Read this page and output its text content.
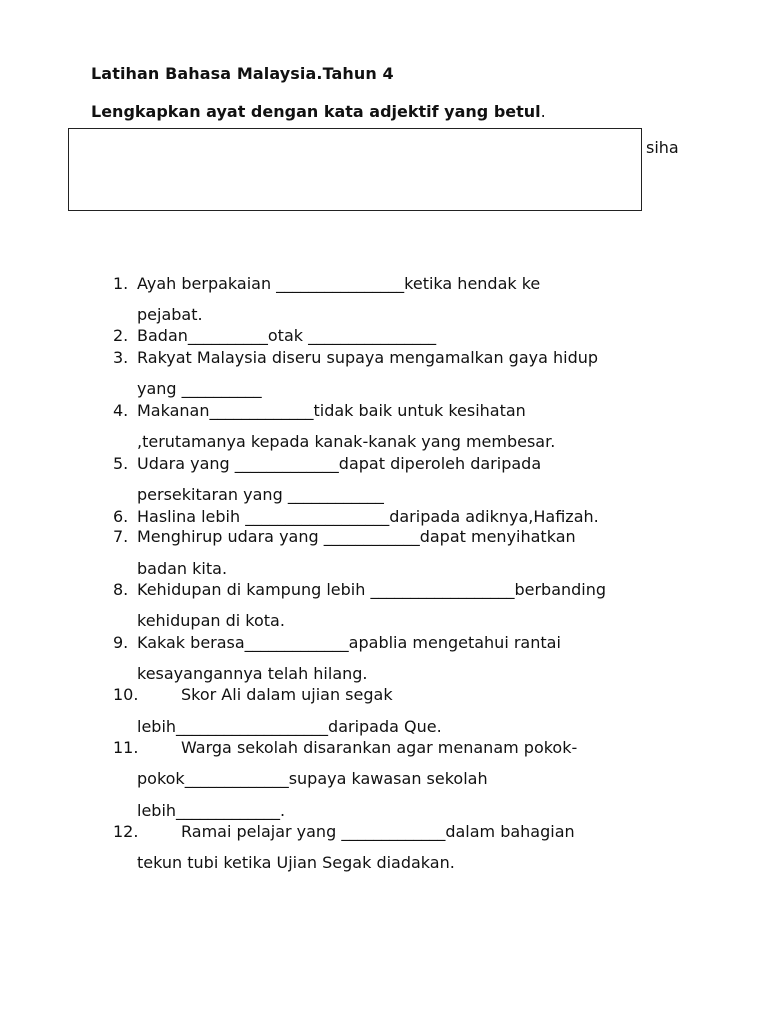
Latihan Bahasa Malaysia.Tahun 4
Lengkapkan ayat dengan kata adjektif yang betul.
siha
1. Ayah berpakaian ________________ketika hendak ke
pejabat.
2. Badan__________otak ________________
3. Rakyat Malaysia diseru supaya mengamalkan gaya hidup
yang __________
4. Makanan_____________tidak baik untuk kesihatan
,terutamanya kepada kanak-kanak yang membesar.
5. Udara yang _____________dapat diperoleh daripada
persekitaran yang ____________
6. Haslina lebih __________________daripada adiknya,Hafizah.
7. Menghirup udara yang ____________dapat menyihatkan
badan kita.
8. Kehidupan di kampung lebih __________________berbanding
kehidupan di kota.
9. Kakak berasa_____________apablia mengetahui rantai
kesayangannya telah hilang.
10.	Skor Ali dalam ujian segak
lebih___________________daripada Que.
11.	Warga sekolah disarankan agar menanam pokok-
pokok_____________supaya kawasan sekolah
lebih_____________.
12.	Ramai pelajar yang _____________dalam bahagian
tekun tubi ketika Ujian Segak diadakan.
